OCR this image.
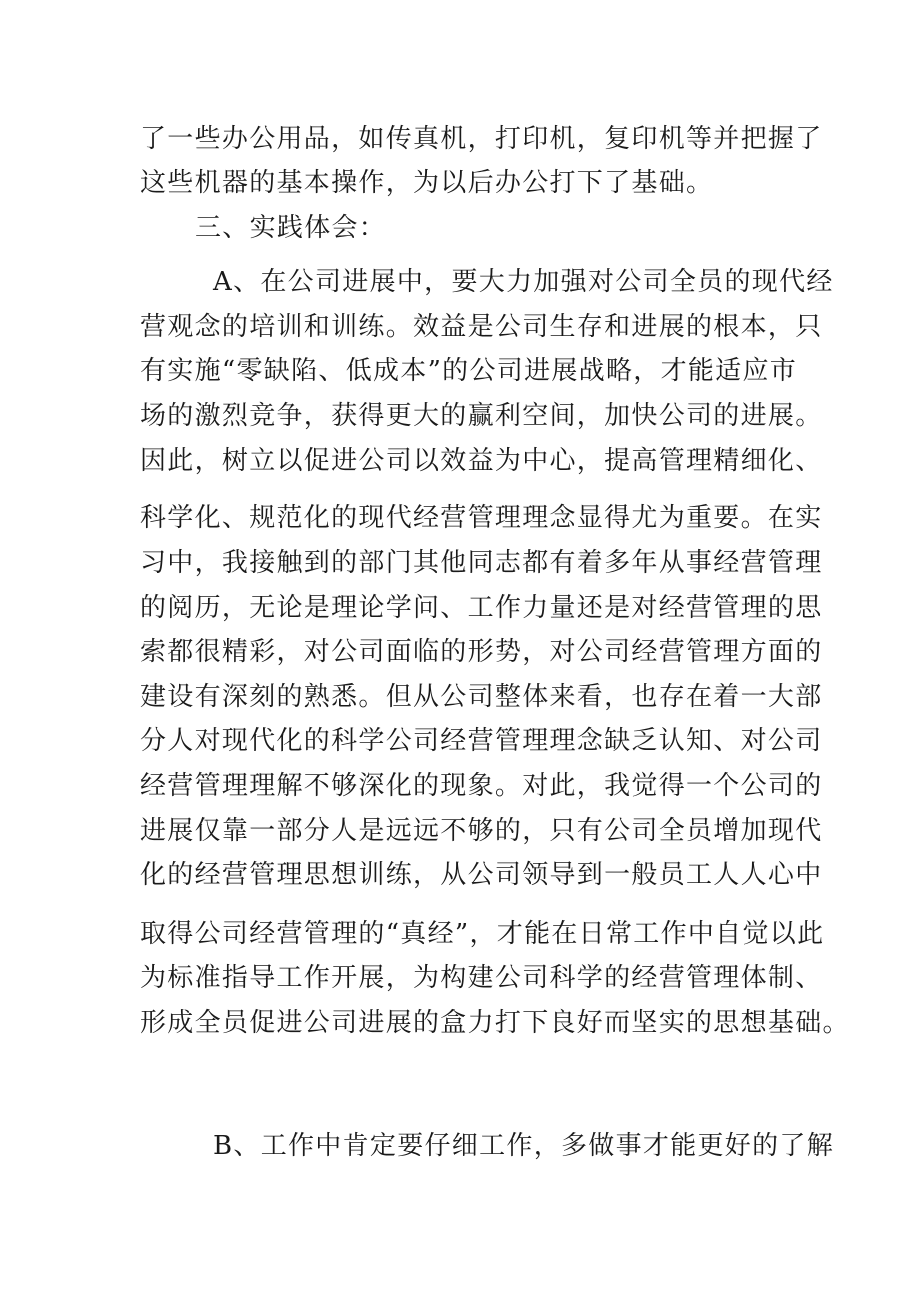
了一些办公用品，如传真机，打印机，复印机等并把握了
这些机器的基本操作，为以后办公打下了基础。
三、实践体会：
A、在公司进展中，要大力加强对公司全员的现代经
营观念的培训和训练。效益是公司生存和进展的根本，只
有实施“零缺陷、低成本”的公司进展战略，才能适应市
场的激烈竞争，获得更大的赢利空间，加快公司的进展。
因此，树立以促进公司以效益为中心，提高管理精细化、
科学化、规范化的现代经营管理理念显得尤为重要。在实
习中，我接触到的部门其他同志都有着多年从事经营管理
的阅历，无论是理论学问、工作力量还是对经营管理的思
索都很精彩，对公司面临的形势，对公司经营管理方面的
建设有深刻的熟悉。但从公司整体来看，也存在着一大部
分人对现代化的科学公司经营管理理念缺乏认知、对公司
经营管理理解不够深化的现象。对此，我觉得一个公司的
进展仅靠一部分人是远远不够的，只有公司全员增加现代
化的经营管理思想训练，从公司领导到一般员工人人心中
取得公司经营管理的“真经”，才能在日常工作中自觉以此
为标准指导工作开展，为构建公司科学的经营管理体制、
形成全员促进公司进展的盒力打下良好而坚实的思想基础。
B、工作中肯定要仔细工作，多做事才能更好的了解
